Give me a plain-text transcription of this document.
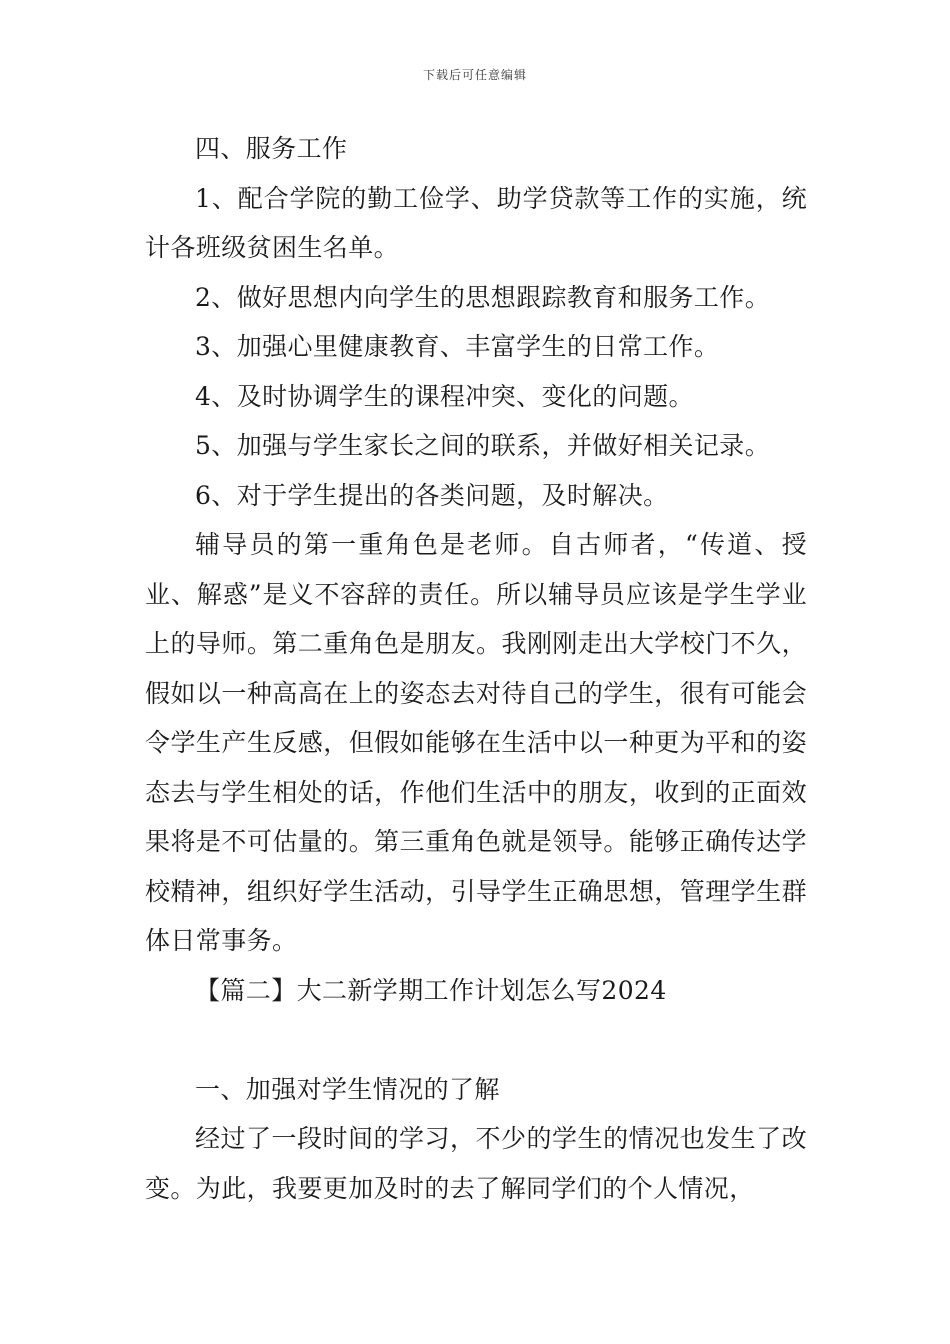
下载后可任意编辑

四、服务工作

1、配合学院的勤工俭学、助学贷款等工作的实施，统计各班级贫困生名单。

2、做好思想内向学生的思想跟踪教育和服务工作。

3、加强心里健康教育、丰富学生的日常工作。

4、及时协调学生的课程冲突、变化的问题。

5、加强与学生家长之间的联系，并做好相关记录。

6、对于学生提出的各类问题，及时解决。

辅导员的第一重角色是老师。自古师者，“传道、授业、解惑”是义不容辞的责任。所以辅导员应该是学生学业上的导师。第二重角色是朋友。我刚刚走出大学校门不久，假如以一种高高在上的姿态去对待自己的学生，很有可能会令学生产生反感，但假如能够在生活中以一种更为平和的姿态去与学生相处的话，作他们生活中的朋友，收到的正面效果将是不可估量的。第三重角色就是领导。能够正确传达学校精神，组织好学生活动，引导学生正确思想，管理学生群体日常事务。

【篇二】大二新学期工作计划怎么写2024

一、加强对学生情况的了解

经过了一段时间的学习，不少的学生的情况也发生了改变。为此，我要更加及时的去了解同学们的个人情况，
